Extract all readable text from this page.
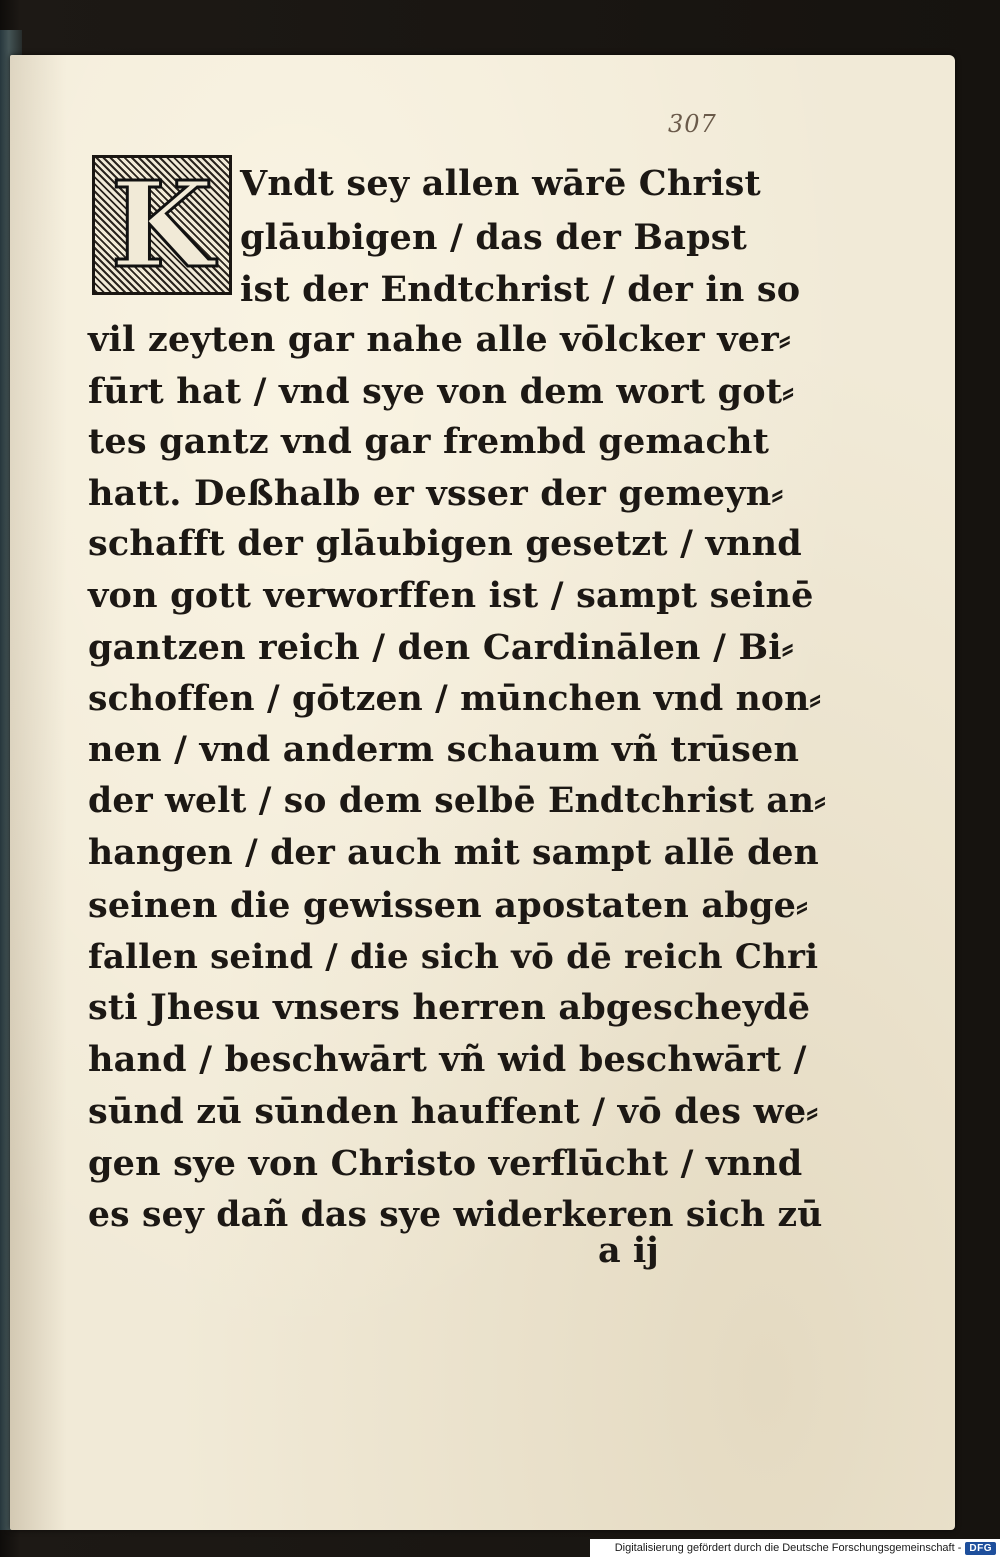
307
K Vndt sey allen wārē Christ
glāubigen / das der Bapst
ist der Endtchrist / der in so
vil zeyten gar nahe alle vōlcker ver⸗
fūrt hat / vnd sye von dem wort got⸗
tes gantz vnd gar frembd gemacht
hatt. Deßhalb er vsser der gemeyn⸗
schafft der glāubigen gesetzt / vnnd
von gott verworffen ist / sampt seinē
gantzen reich / den Cardinālen / Bi⸗
schoffen / gōtzen / mūnchen vnd non⸗
nen / vnd anderm schaum vñ trūsen
der welt / so dem selbē Endtchrist an⸗
hangen / der auch mit sampt allē den
seinen die gewissen apostaten abge⸗
fallen seind / die sich vō dē reich Chri
sti Jhesu vnsers herren abgescheydē
hand / beschwārt vñ wid beschwārt /
sūnd zū sūnden hauffent / vō des we⸗
gen sye von Christo verflūcht / vnnd
es sey dañ das sye widerkeren sich zū
a ij
Digitalisierung gefördert durch die Deutsche Forschungsgemeinschaft - DFG
